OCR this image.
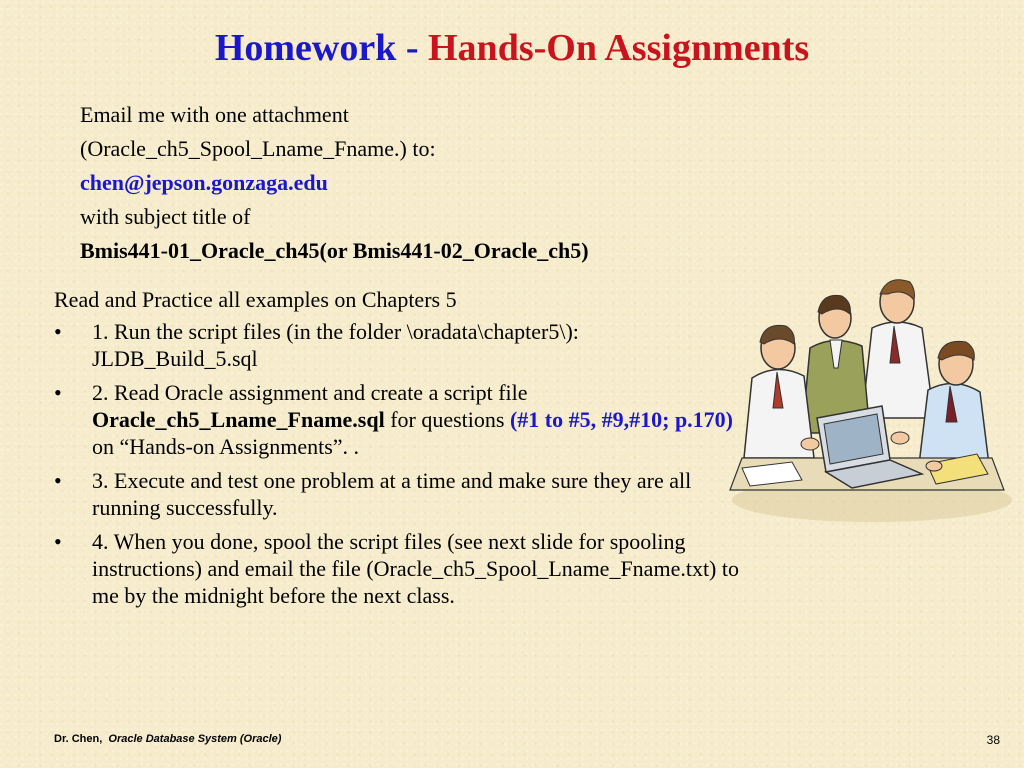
Homework - Hands-On Assignments
Email me with one attachment
(Oracle_ch5_Spool_Lname_Fname.) to:
chen@jepson.gonzaga.edu
with subject title of
Bmis441-01_Oracle_ch45(or Bmis441-02_Oracle_ch5)
Read and Practice all examples on Chapters 5
• 1. Run the script files (in the folder \oradata\chapter5\): JLDB_Build_5.sql
• 2. Read Oracle assignment and create a script file Oracle_ch5_Lname_Fname.sql for questions (#1 to #5, #9,#10; p.170) on “Hands-on Assignments”. .
• 3. Execute and test one problem at a time and make sure they are all running successfully.
• 4. When you done, spool the script files (see next slide for spooling instructions) and email the file (Oracle_ch5_Spool_Lname_Fname.txt) to me by the midnight before the next class.
Dr. Chen, Oracle Database System (Oracle)	38
